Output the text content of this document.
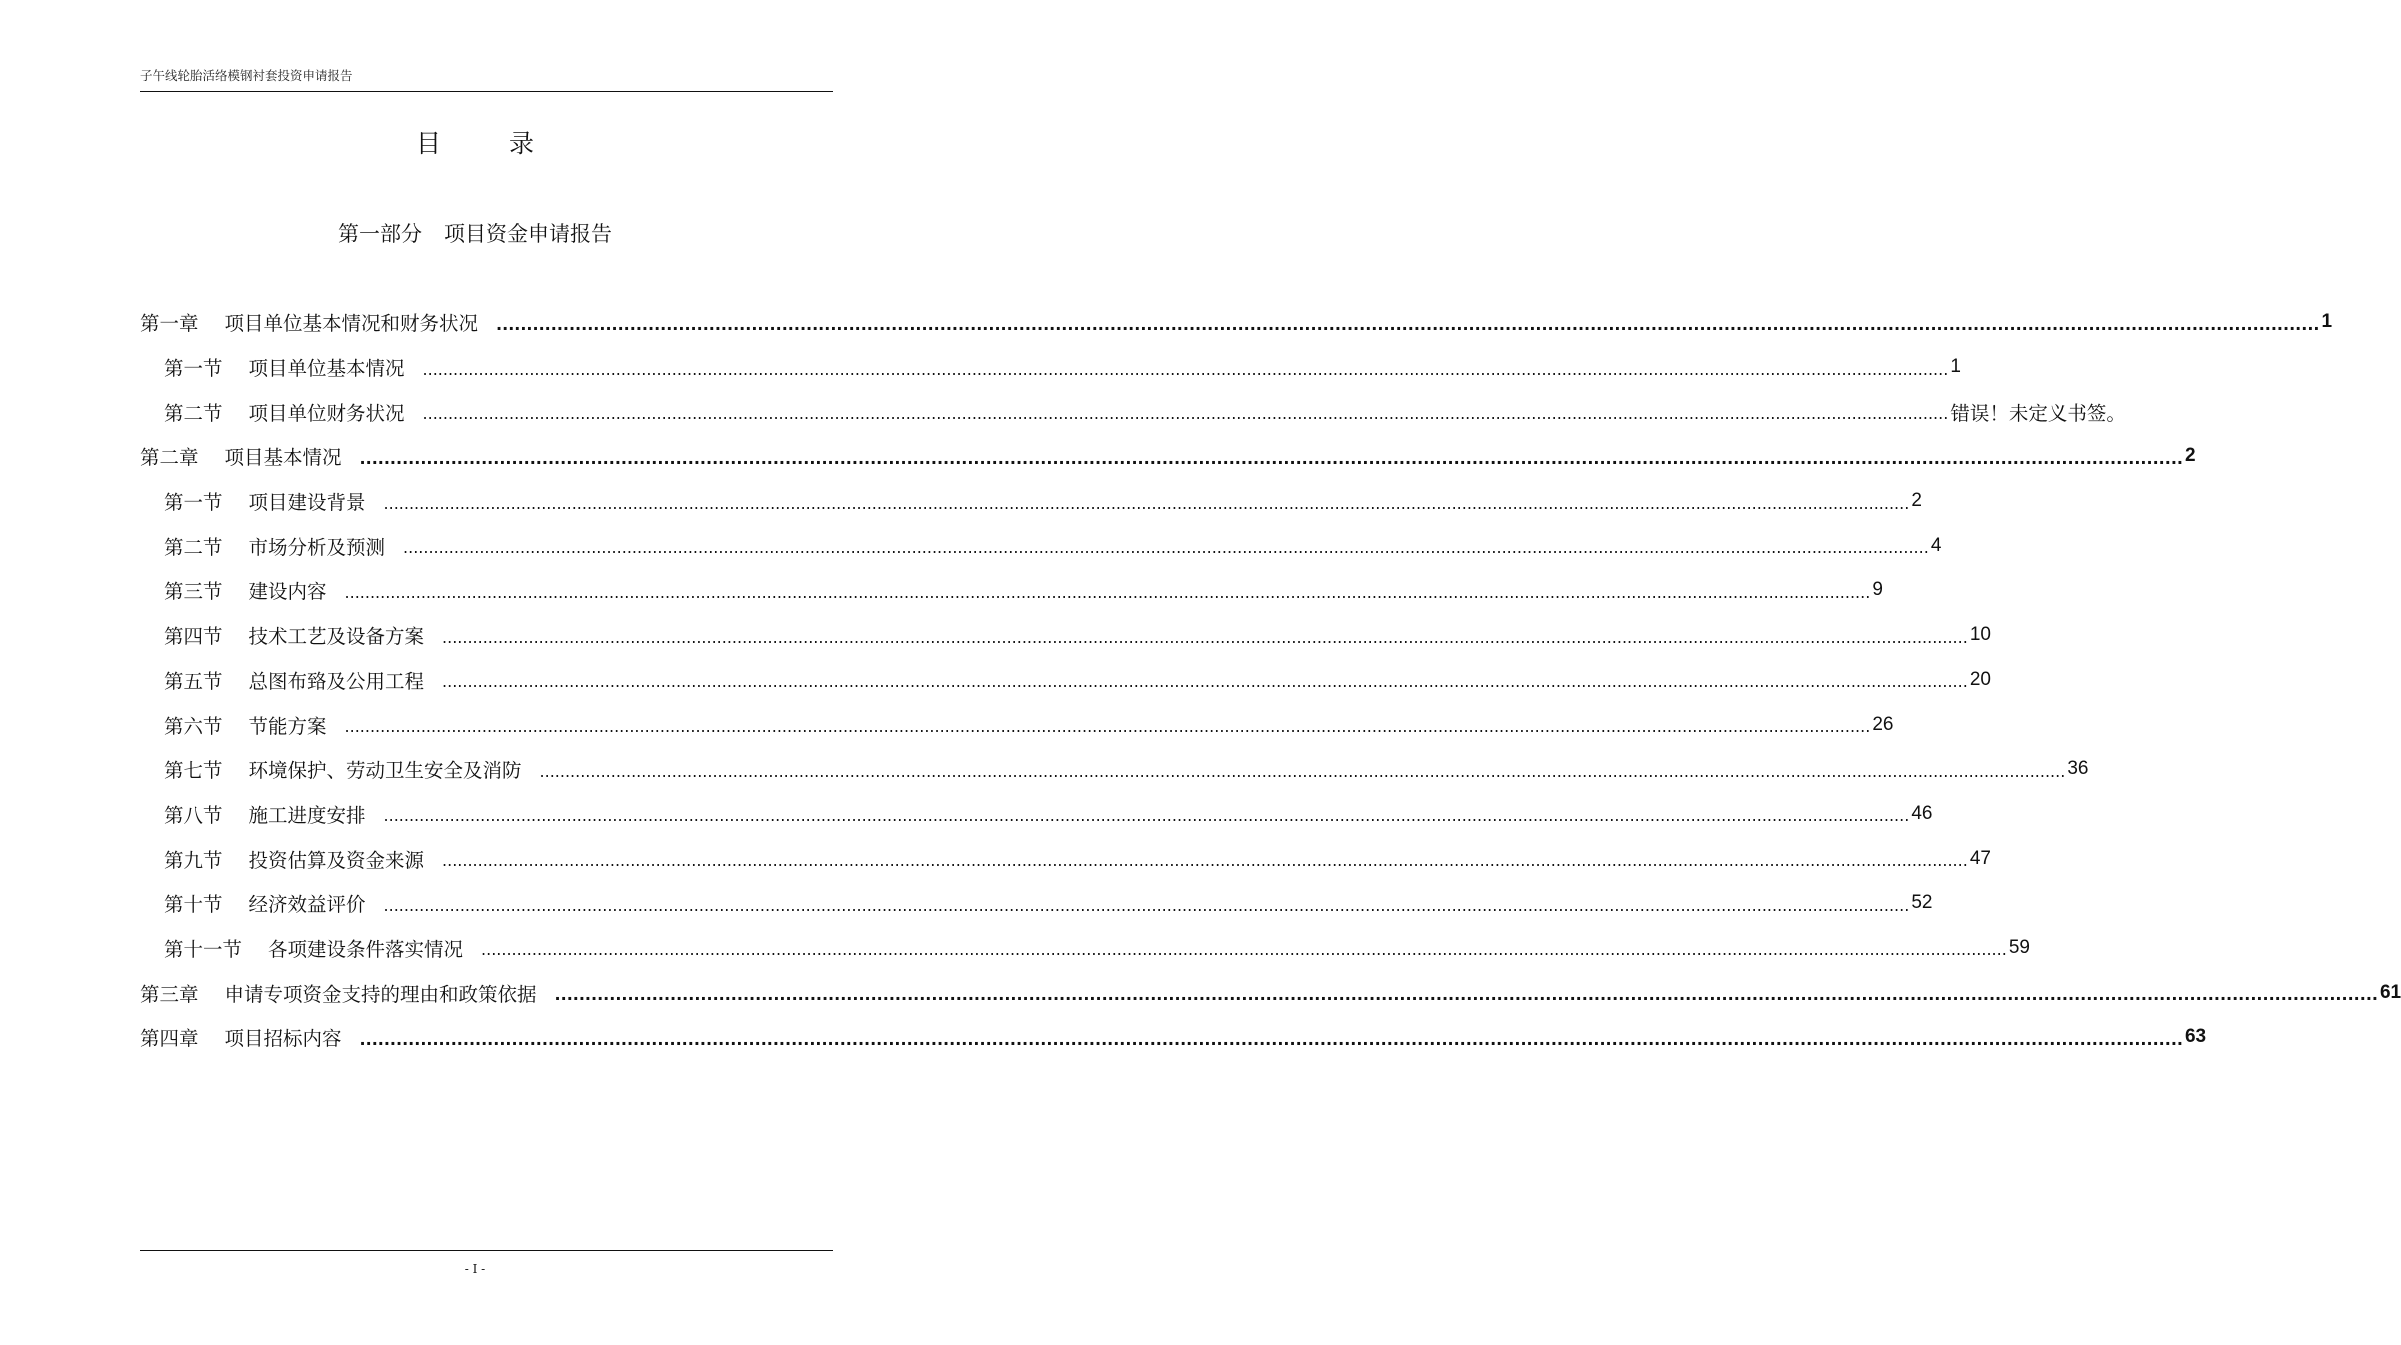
子午线轮胎活络模钢衬套投资申请报告
目 录
第一部分 项目资金申请报告
第一章 项目单位基本情况和财务状况 ............................................................................................................................................................................................................................................................................................................ 1
第一节 项目单位基本情况 ............................................................................................................................................................................................................................................................................................................ 1
第二节 项目单位财务状况 ............................................................................................................................................................................................................................................................................................................ 错误！未定义书签。
第二章 项目基本情况 ............................................................................................................................................................................................................................................................................................................ 2
第一节 项目建设背景 ............................................................................................................................................................................................................................................................................................................ 2
第二节 市场分析及预测 ............................................................................................................................................................................................................................................................................................................ 4
第三节 建设内容 ............................................................................................................................................................................................................................................................................................................ 9
第四节 技术工艺及设备方案 ............................................................................................................................................................................................................................................................................................................ 10
第五节 总图布臵及公用工程 ............................................................................................................................................................................................................................................................................................................ 20
第六节 节能方案 ............................................................................................................................................................................................................................................................................................................ 26
第七节 环境保护、劳动卫生安全及消防 ............................................................................................................................................................................................................................................................................................................ 36
第八节 施工进度安排 ............................................................................................................................................................................................................................................................................................................ 46
第九节 投资估算及资金来源 ............................................................................................................................................................................................................................................................................................................ 47
第十节 经济效益评价 ............................................................................................................................................................................................................................................................................................................ 52
第十一节 各项建设条件落实情况 ............................................................................................................................................................................................................................................................................................................ 59
第三章 申请专项资金支持的理由和政策依据 ............................................................................................................................................................................................................................................................................................................ 61
第四章 项目招标内容 ............................................................................................................................................................................................................................................................................................................ 63
- I -
